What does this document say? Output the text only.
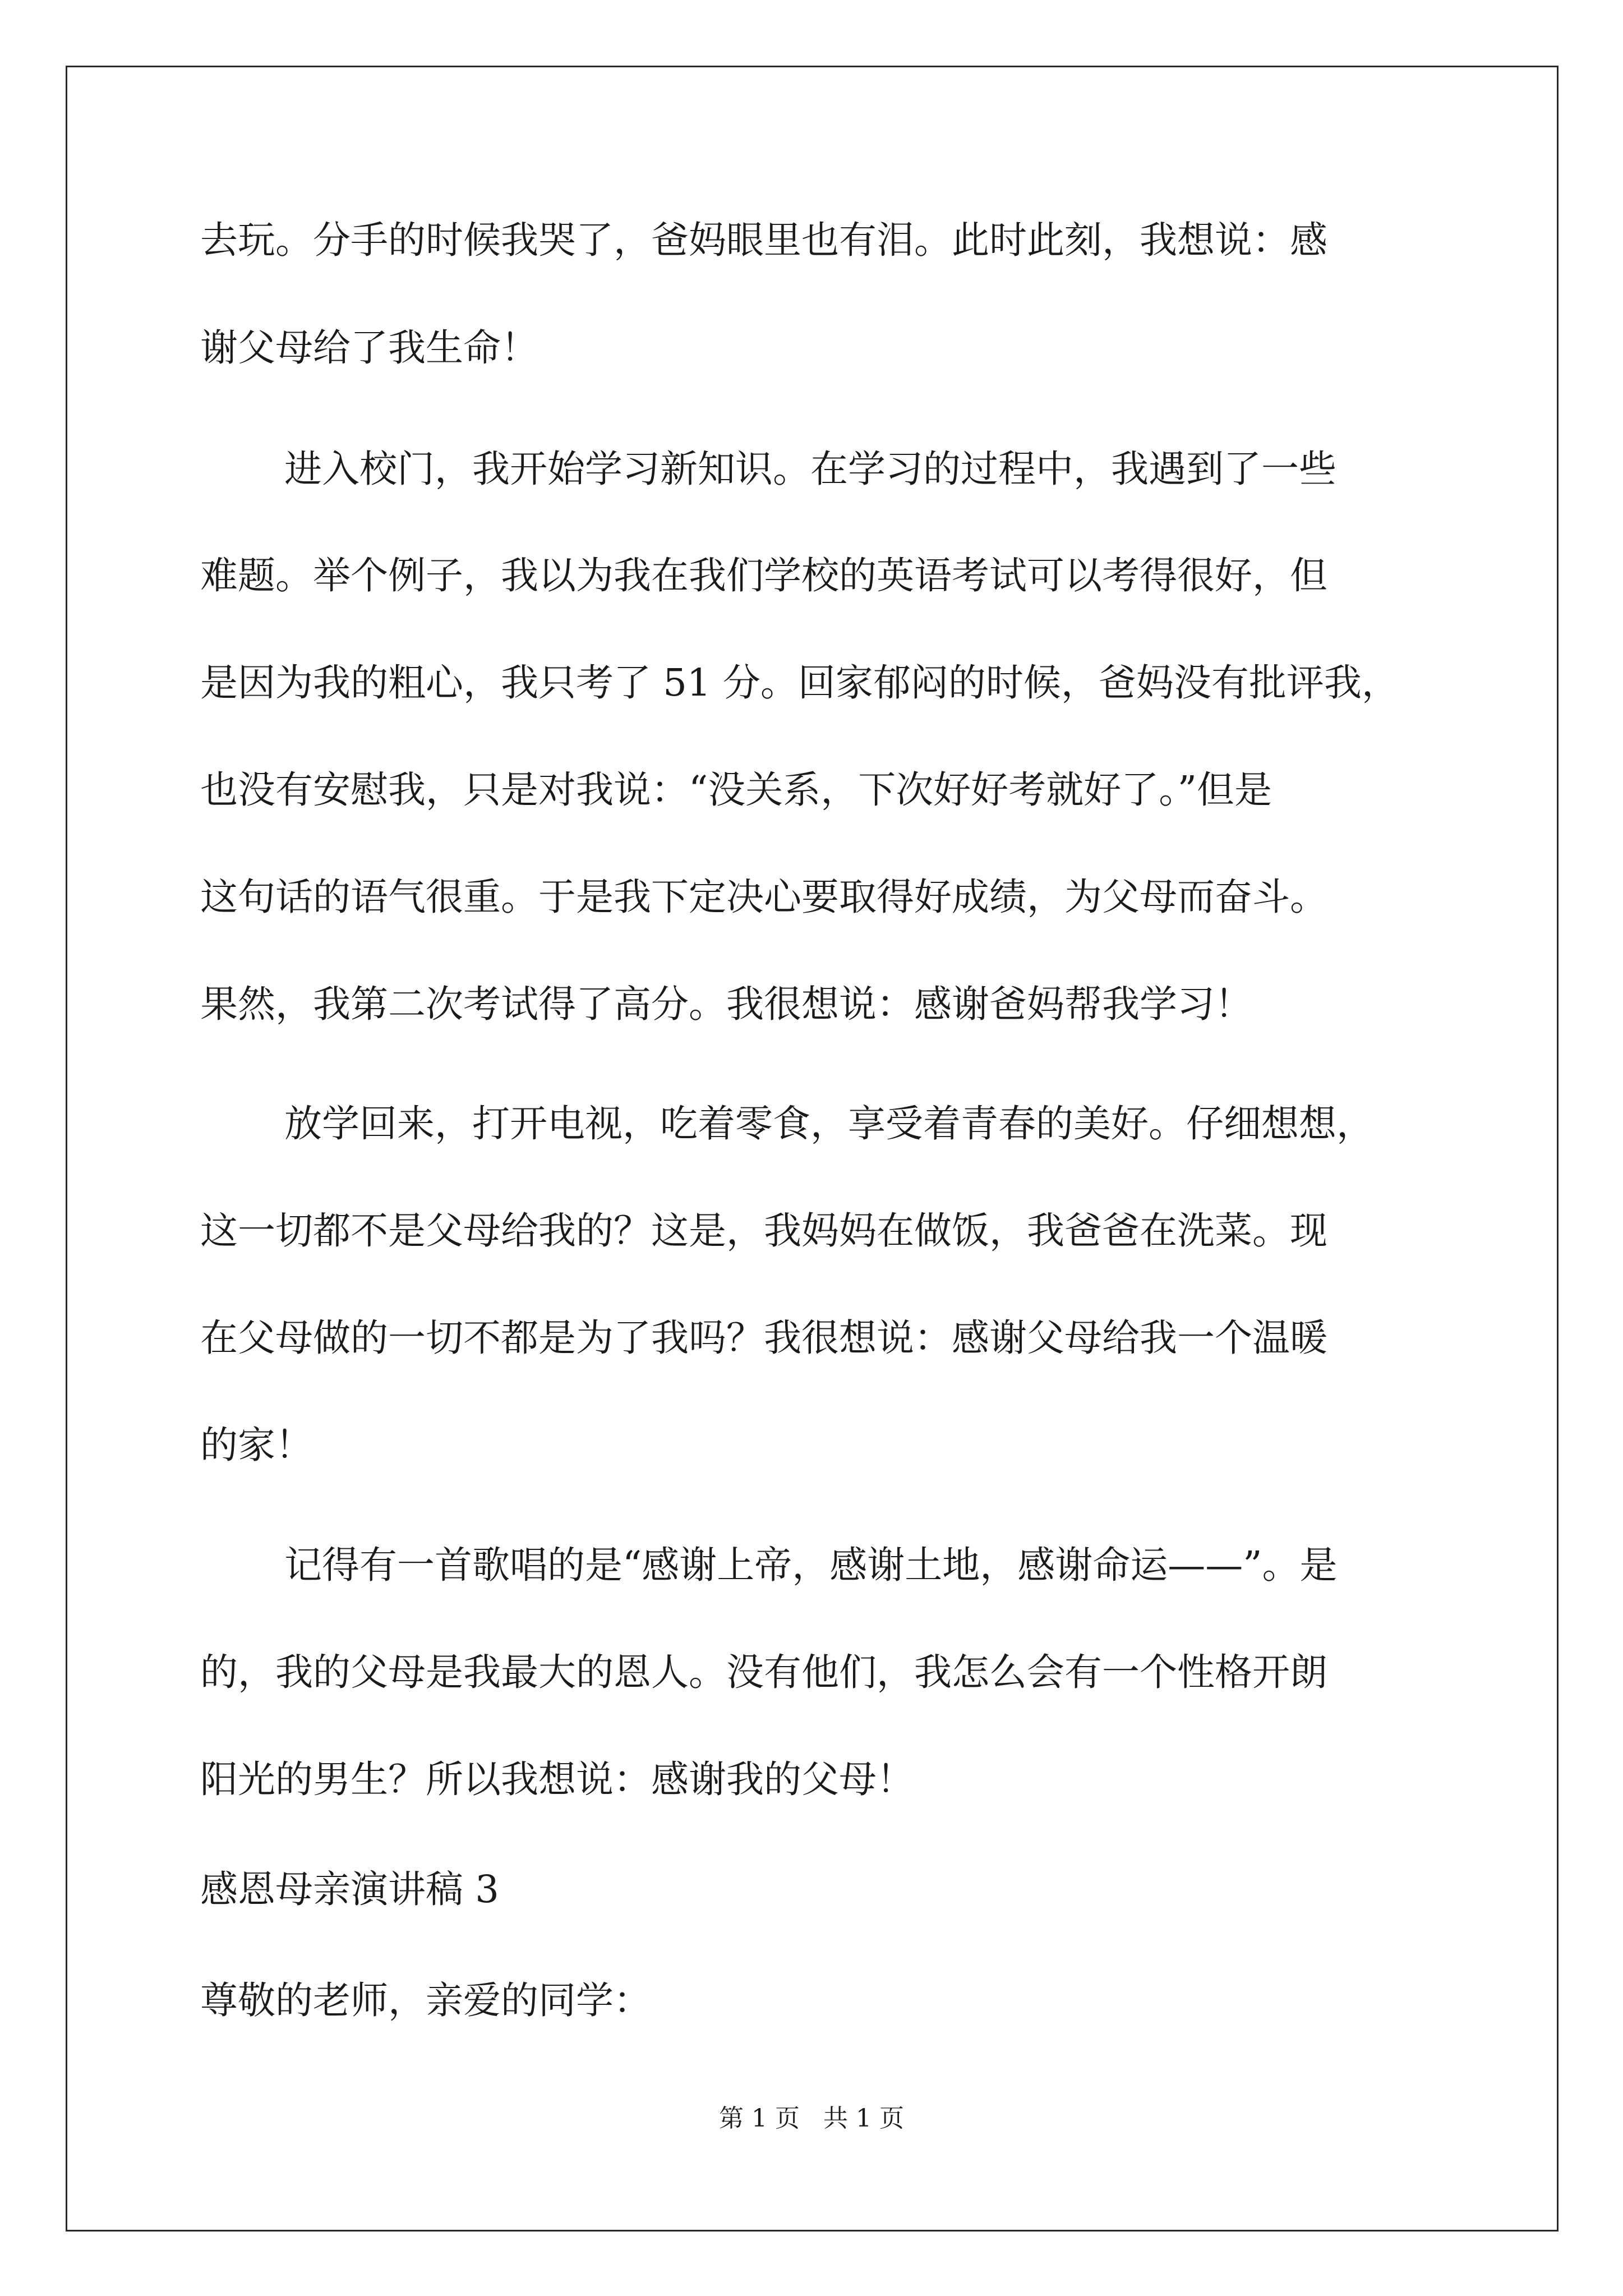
去玩。分手的时候我哭了，爸妈眼里也有泪。此时此刻，我想说：感

谢父母给了我生命！

进入校门，我开始学习新知识。在学习的过程中，我遇到了一些

难题。举个例子，我以为我在我们学校的英语考试可以考得很好，但

是因为我的粗心，我只考了 51 分。回家郁闷的时候，爸妈没有批评我，

也没有安慰我，只是对我说：“没关系，下次好好考就好了。”但是

这句话的语气很重。于是我下定决心要取得好成绩，为父母而奋斗。

果然，我第二次考试得了高分。我很想说：感谢爸妈帮我学习！

放学回来，打开电视，吃着零食，享受着青春的美好。仔细想想，

这一切都不是父母给我的？这是，我妈妈在做饭，我爸爸在洗菜。现

在父母做的一切不都是为了我吗？我很想说：感谢父母给我一个温暖

的家！

记得有一首歌唱的是“感谢上帝，感谢土地，感谢命运——”。是

的，我的父母是我最大的恩人。没有他们，我怎么会有一个性格开朗

阳光的男生？所以我想说：感谢我的父母！

感恩母亲演讲稿 3

尊敬的老师，亲爱的同学：

第 1 页   共 1 页
